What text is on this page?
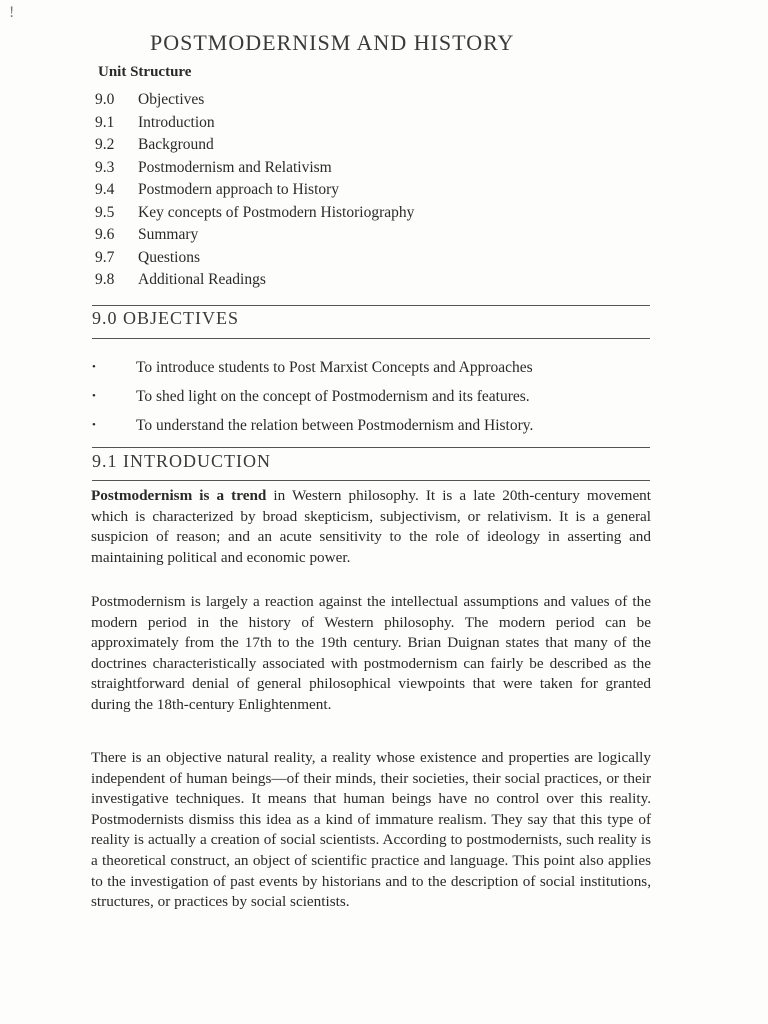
!
POSTMODERNISM AND HISTORY
Unit Structure
9.0 Objectives
9.1 Introduction
9.2 Background
9.3 Postmodernism and Relativism
9.4 Postmodern approach to History
9.5 Key concepts of Postmodern Historiography
9.6 Summary
9.7 Questions
9.8 Additional Readings
9.0 OBJECTIVES
•	To introduce students to Post Marxist Concepts and Approaches
•	To shed light on the concept of Postmodernism and its features.
•	To understand the relation between Postmodernism and History.
9.1 INTRODUCTION

Postmodernism is a trend in Western philosophy. It is a late 20th-century movement which is characterized by broad skepticism, subjectivism, or relativism. It is a general suspicion of reason; and an acute sensitivity to the role of ideology in asserting and maintaining political and economic power.

Postmodernism is largely a reaction against the intellectual assumptions and values of the modern period in the history of Western philosophy. The modern period can be approximately from the 17th to the 19th century. Brian Duignan states that many of the doctrines characteristically associated with postmodernism can fairly be described as the straightforward denial of general philosophical viewpoints that were taken for granted during the 18th-century Enlightenment.

There is an objective natural reality, a reality whose existence and properties are logically independent of human beings—of their minds, their societies, their social practices, or their investigative techniques. It means that human beings have no control over this reality. Postmodernists dismiss this idea as a kind of immature realism. They say that this type of reality is actually a creation of social scientists. According to postmodernists, such reality is a theoretical construct, an object of scientific practice and language. This point also applies to the investigation of past events by historians and to the description of social institutions, structures, or practices by social scientists.
